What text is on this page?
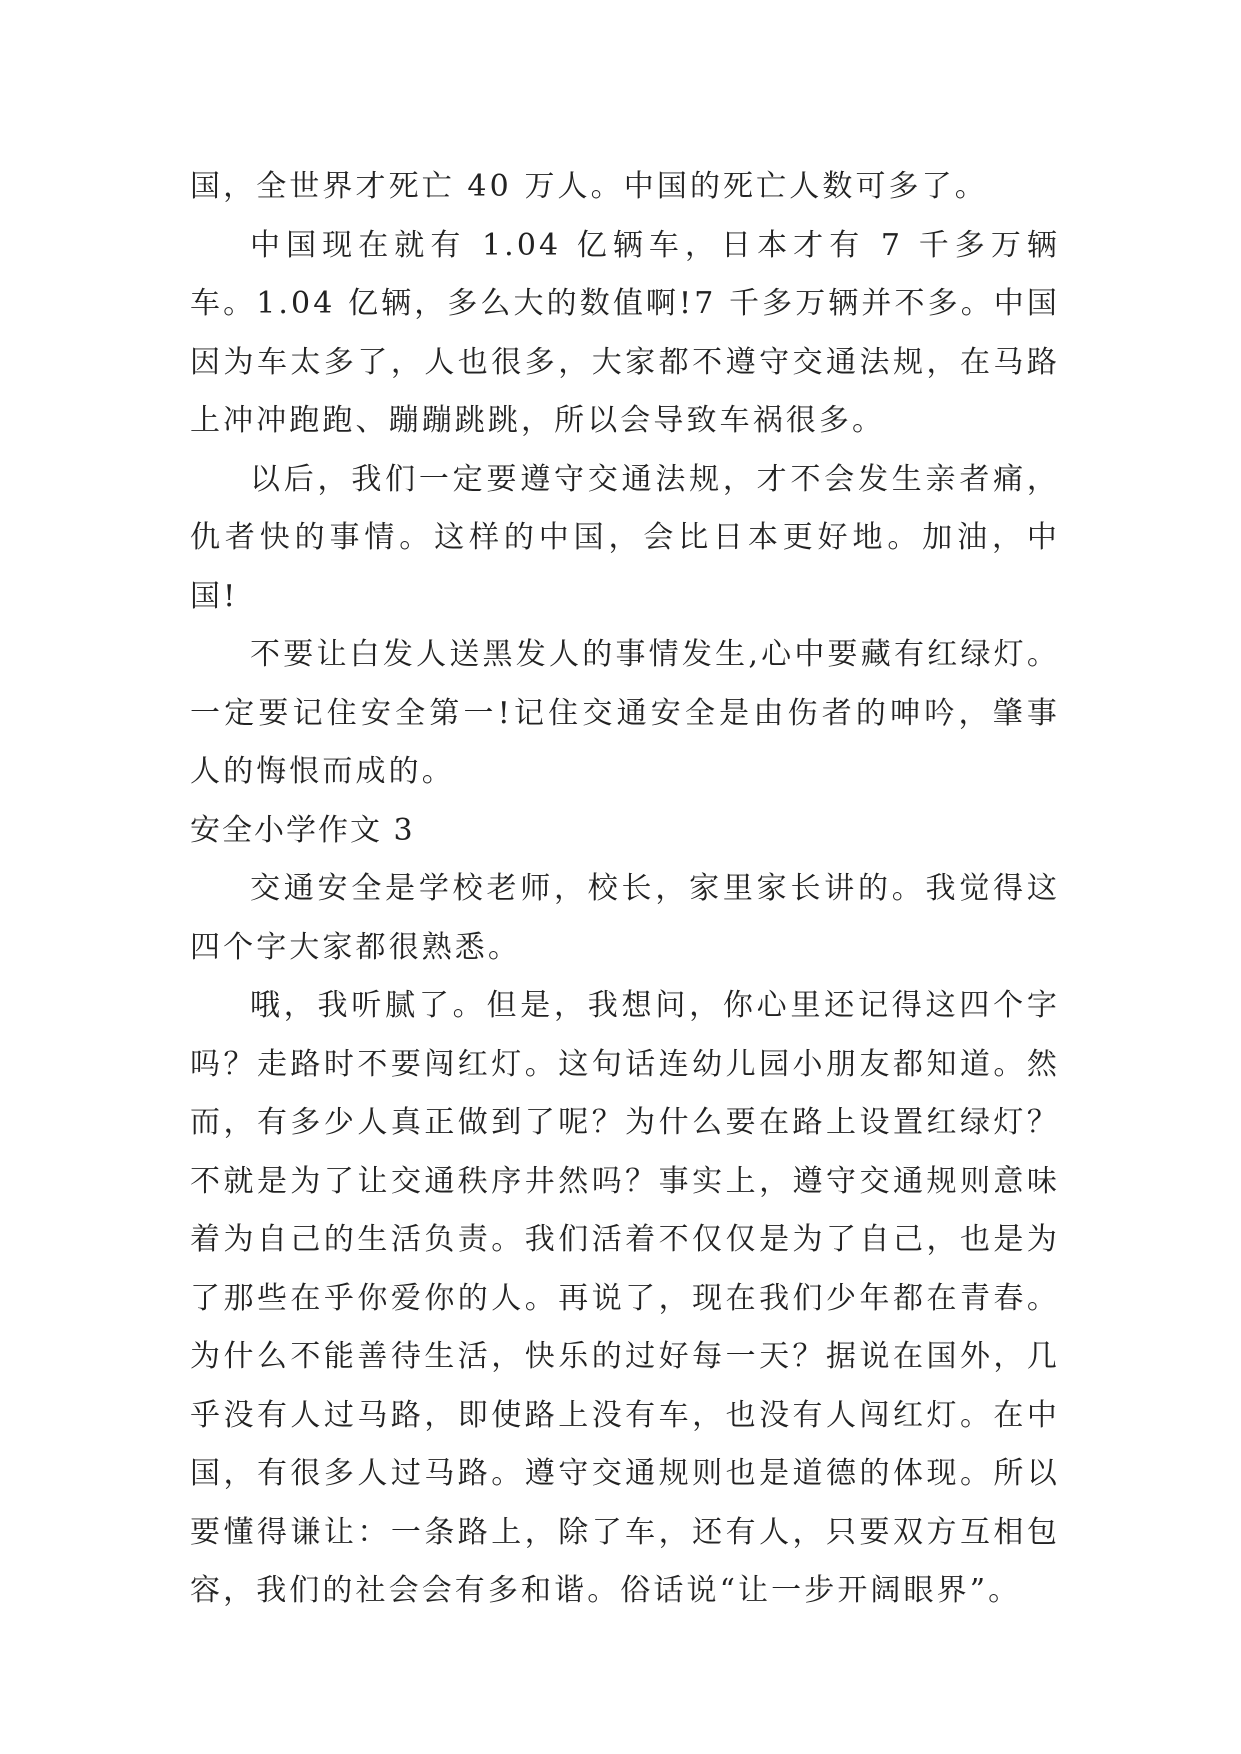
国，全世界才死亡 40 万人。中国的死亡人数可多了。

中国现在就有 1.04 亿辆车，日本才有 7 千多万辆车。1.04 亿辆，多么大的数值啊!7 千多万辆并不多。中国因为车太多了，人也很多，大家都不遵守交通法规，在马路上冲冲跑跑、蹦蹦跳跳，所以会导致车祸很多。

以后，我们一定要遵守交通法规，才不会发生亲者痛，仇者快的事情。这样的中国，会比日本更好地。加油，中国!

不要让白发人送黑发人的事情发生,心中要藏有红绿灯。一定要记住安全第一!记住交通安全是由伤者的呻吟，肇事人的悔恨而成的。

安全小学作文 3

交通安全是学校老师，校长，家里家长讲的。我觉得这四个字大家都很熟悉。

哦，我听腻了。但是，我想问，你心里还记得这四个字吗？走路时不要闯红灯。这句话连幼儿园小朋友都知道。然而，有多少人真正做到了呢？为什么要在路上设置红绿灯？不就是为了让交通秩序井然吗？事实上，遵守交通规则意味着为自己的生活负责。我们活着不仅仅是为了自己，也是为了那些在乎你爱你的人。再说了，现在我们少年都在青春。为什么不能善待生活，快乐的过好每一天？据说在国外，几乎没有人过马路，即使路上没有车，也没有人闯红灯。在中国，有很多人过马路。遵守交通规则也是道德的体现。所以要懂得谦让：一条路上，除了车，还有人，只要双方互相包容，我们的社会会有多和谐。俗话说“让一步开阔眼界”。
